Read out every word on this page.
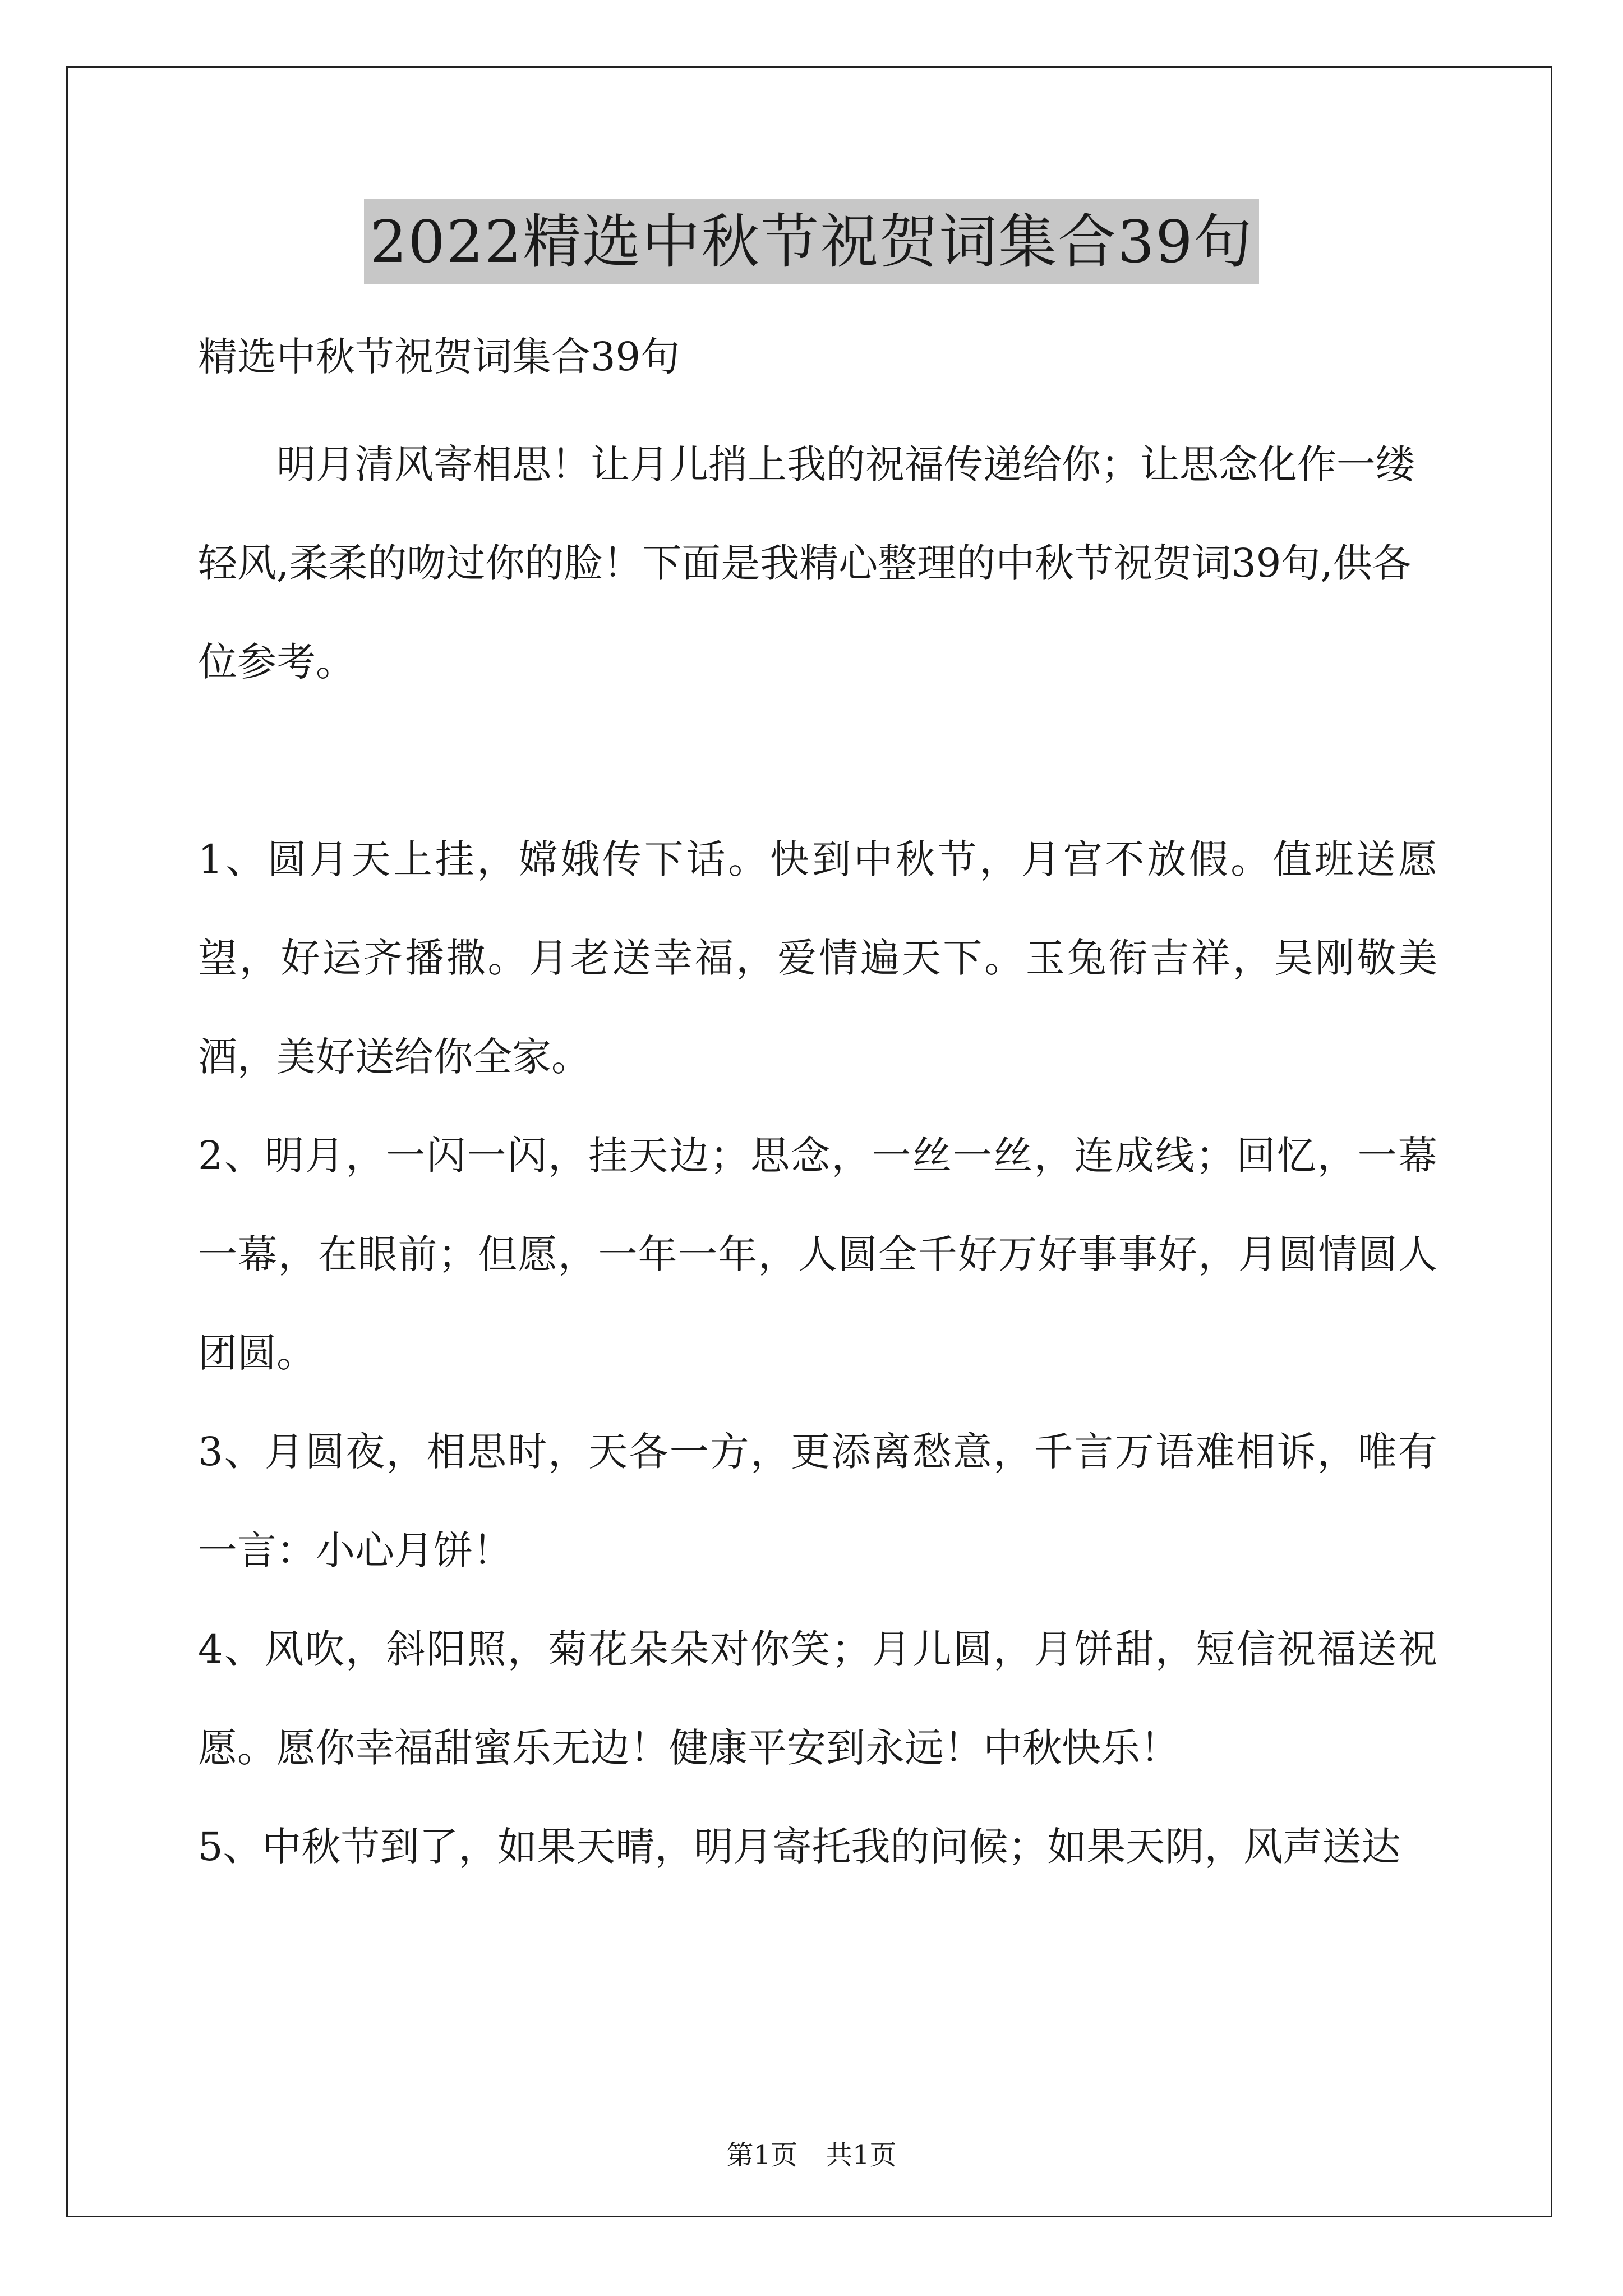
2022精选中秋节祝贺词集合39句

精选中秋节祝贺词集合39句

明月清风寄相思！让月儿捎上我的祝福传递给你；让思念化作一缕轻风,柔柔的吻过你的脸！下面是我精心整理的中秋节祝贺词39句,供各位参考。

1、圆月天上挂，嫦娥传下话。快到中秋节，月宫不放假。值班送愿望，好运齐播撒。月老送幸福，爱情遍天下。玉兔衔吉祥，吴刚敬美酒，美好送给你全家。

2、明月，一闪一闪，挂天边；思念，一丝一丝，连成线；回忆，一幕一幕，在眼前；但愿，一年一年，人圆全千好万好事事好，月圆情圆人团圆。

3、月圆夜，相思时，天各一方，更添离愁意，千言万语难相诉，唯有一言：小心月饼！

4、风吹，斜阳照，菊花朵朵对你笑；月儿圆，月饼甜，短信祝福送祝愿。愿你幸福甜蜜乐无边！健康平安到永远！中秋快乐！

5、中秋节到了，如果天晴，明月寄托我的问候；如果天阴，风声送达

第1页 共1页
